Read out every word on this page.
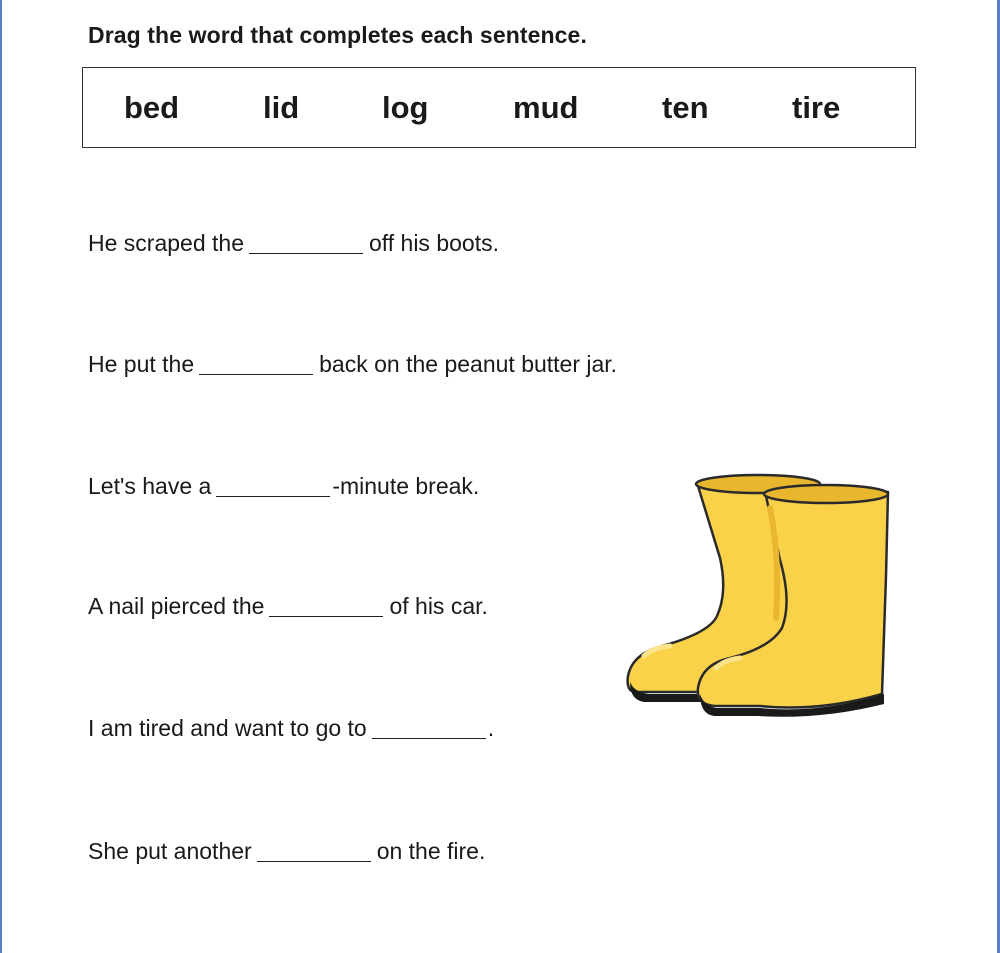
Drag the word that completes each sentence.
bed	lid	log	mud	ten	tire
He scraped the	off his boots.
He put the	back on the peanut butter jar.
Let's have a	-minute break.
A nail pierced the	of his car.
I am tired and want to go to	.
She put another	on the fire.
